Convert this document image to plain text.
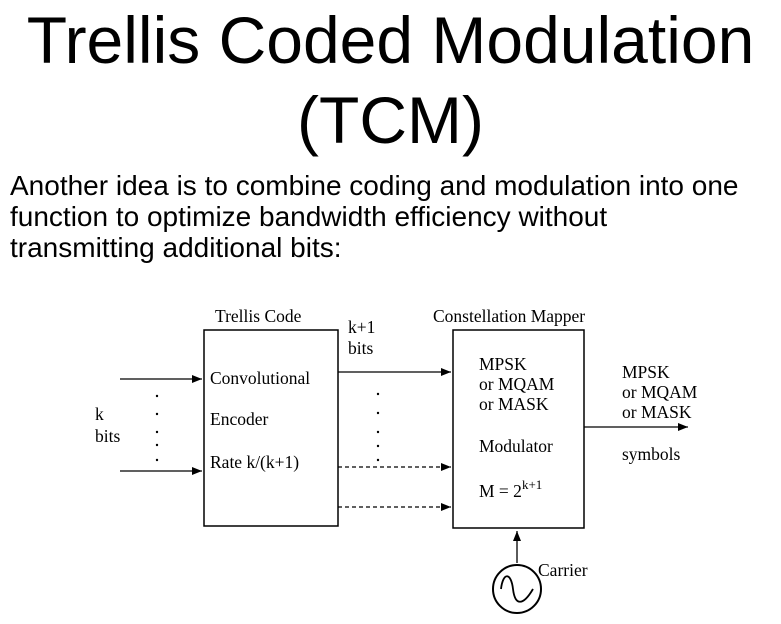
Trellis Coded Modulation
(TCM)
Another idea is to combine coding and modulation into one
function to optimize bandwidth efficiency without
transmitting additional bits:
Trellis Code
Convolutional
Encoder
Rate k/(k+1)
k
bits
k+1
bits
Constellation Mapper
MPSK
or MQAM
or MASK
Modulator
$M = 2^{k+1}$
MPSK
or MQAM
or MASK
symbols
Carrier
